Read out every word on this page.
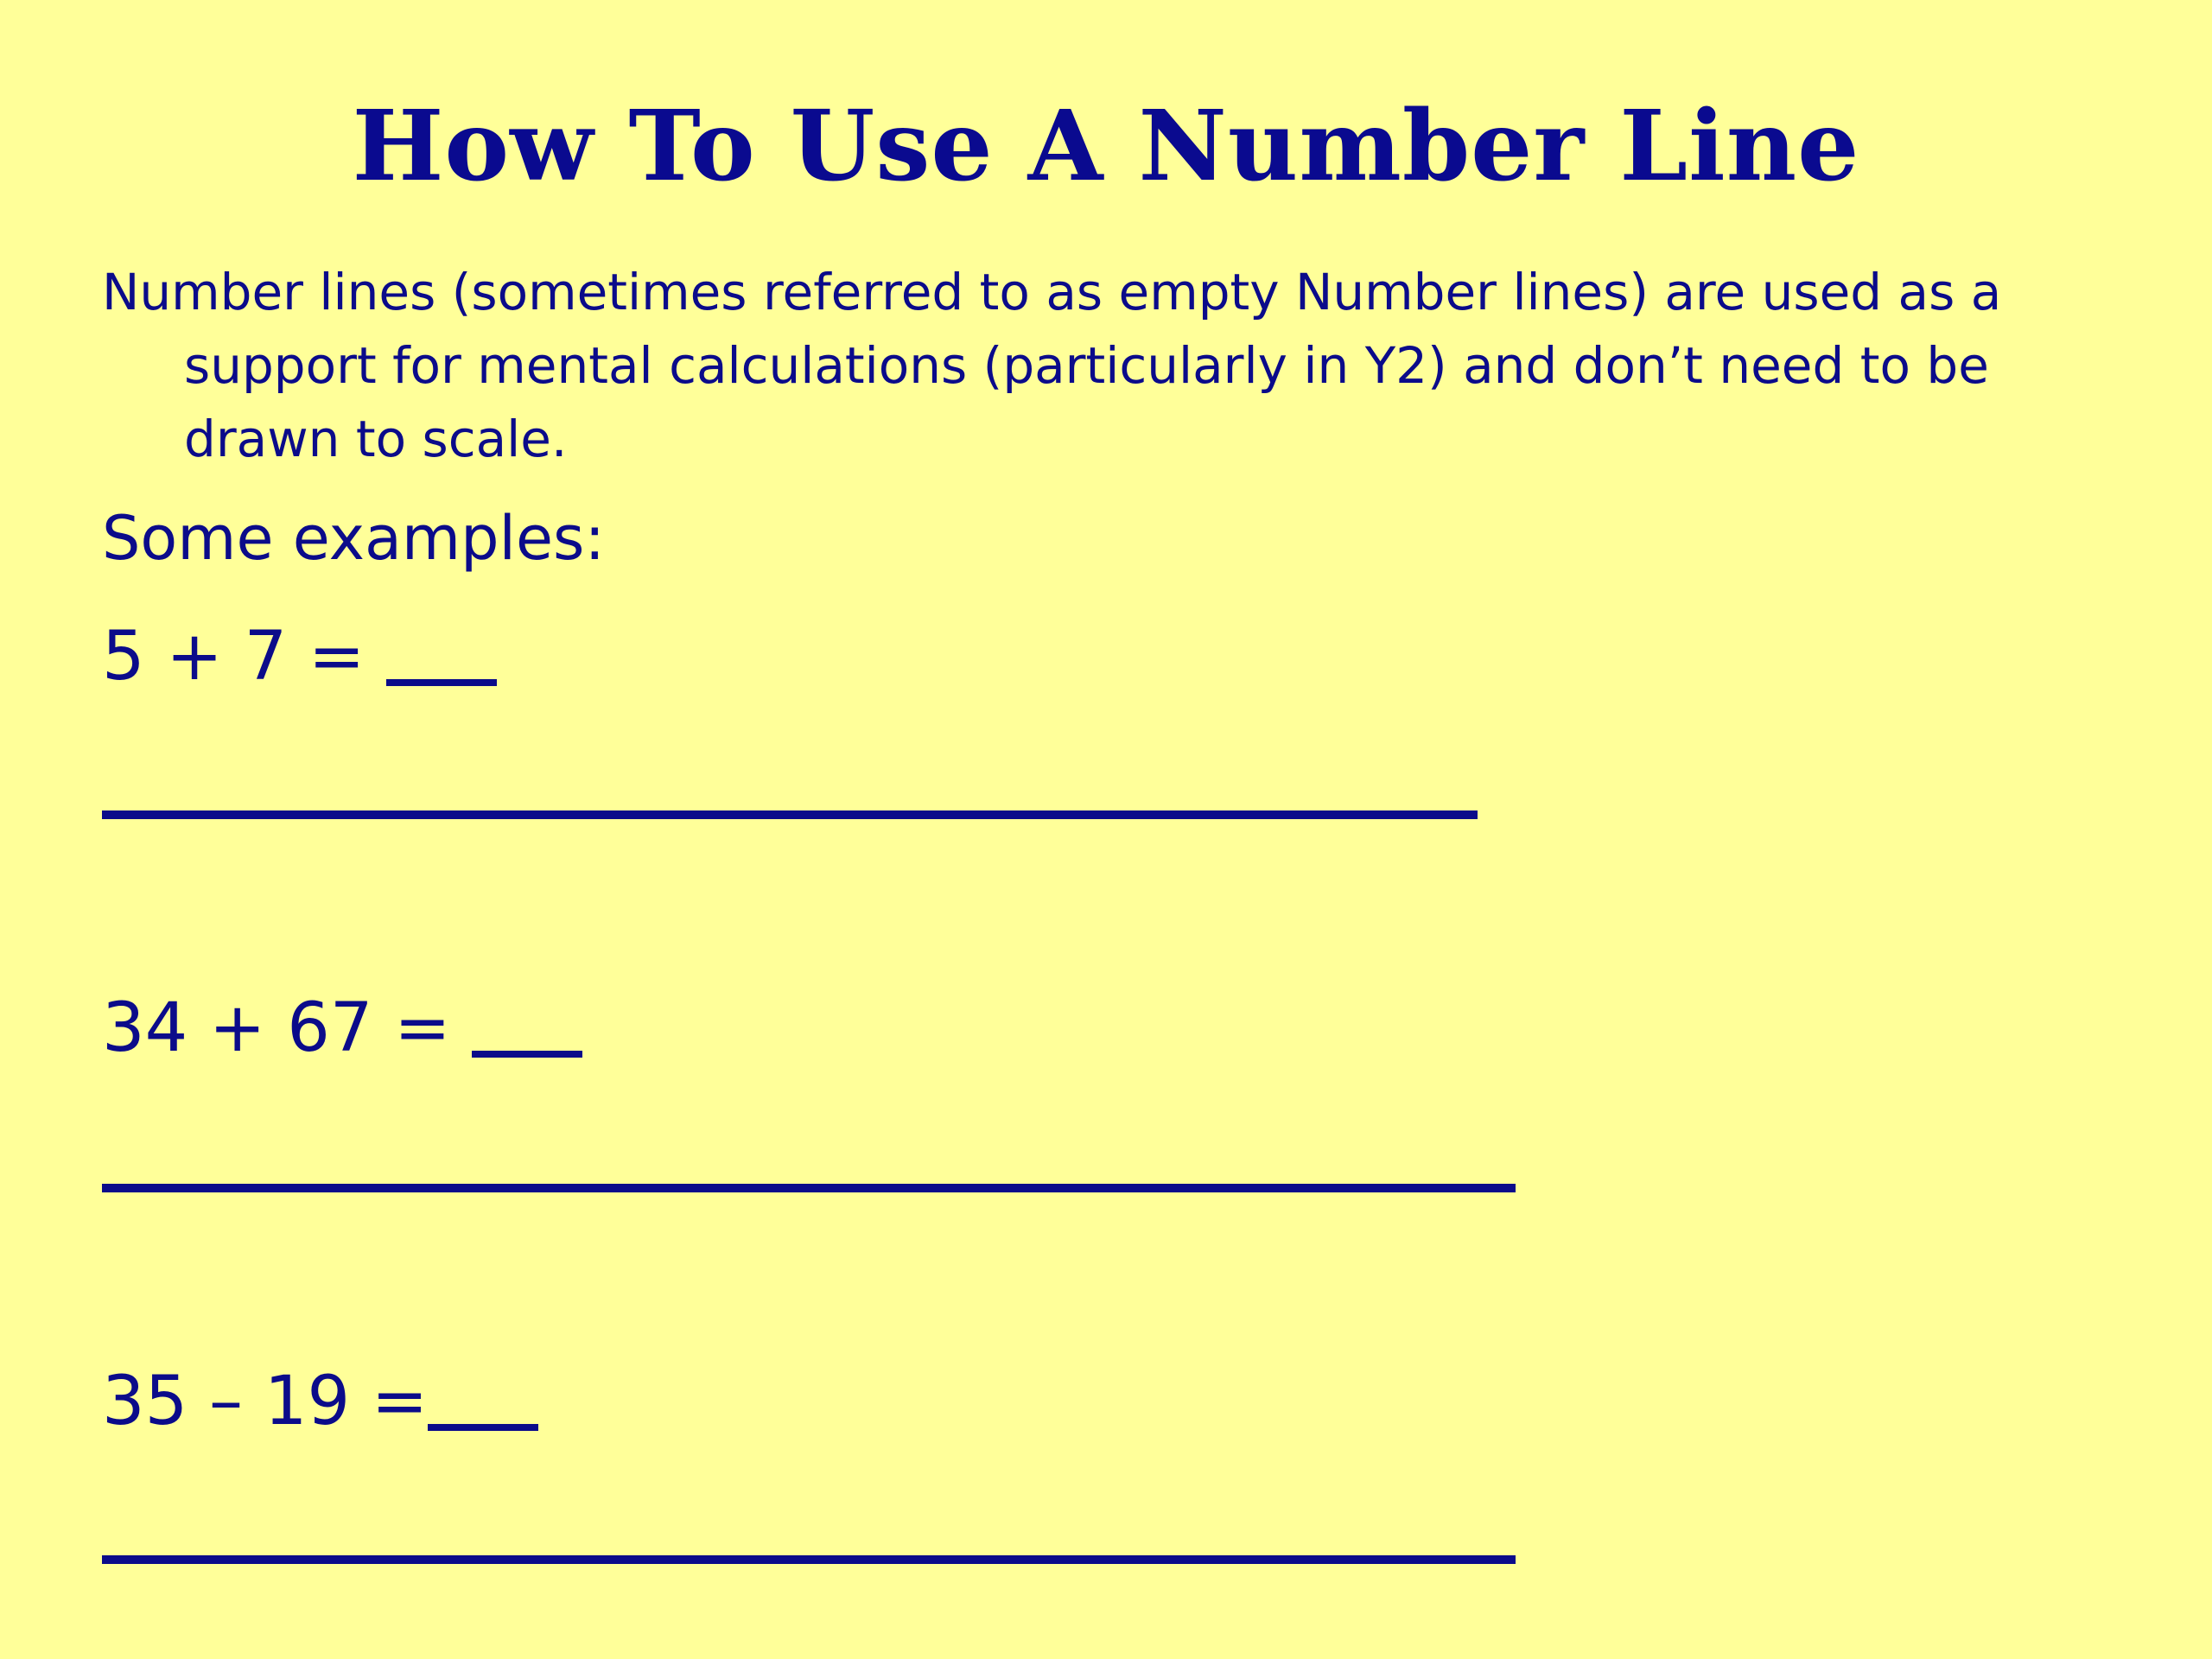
How To Use A Number Line
Number lines (sometimes referred to as empty Number lines) are used as a support for mental calculations (particularly in Y2) and don’t need to be drawn to scale.
Some examples:
5 + 7 =
34 + 67 =
35 – 19 =
